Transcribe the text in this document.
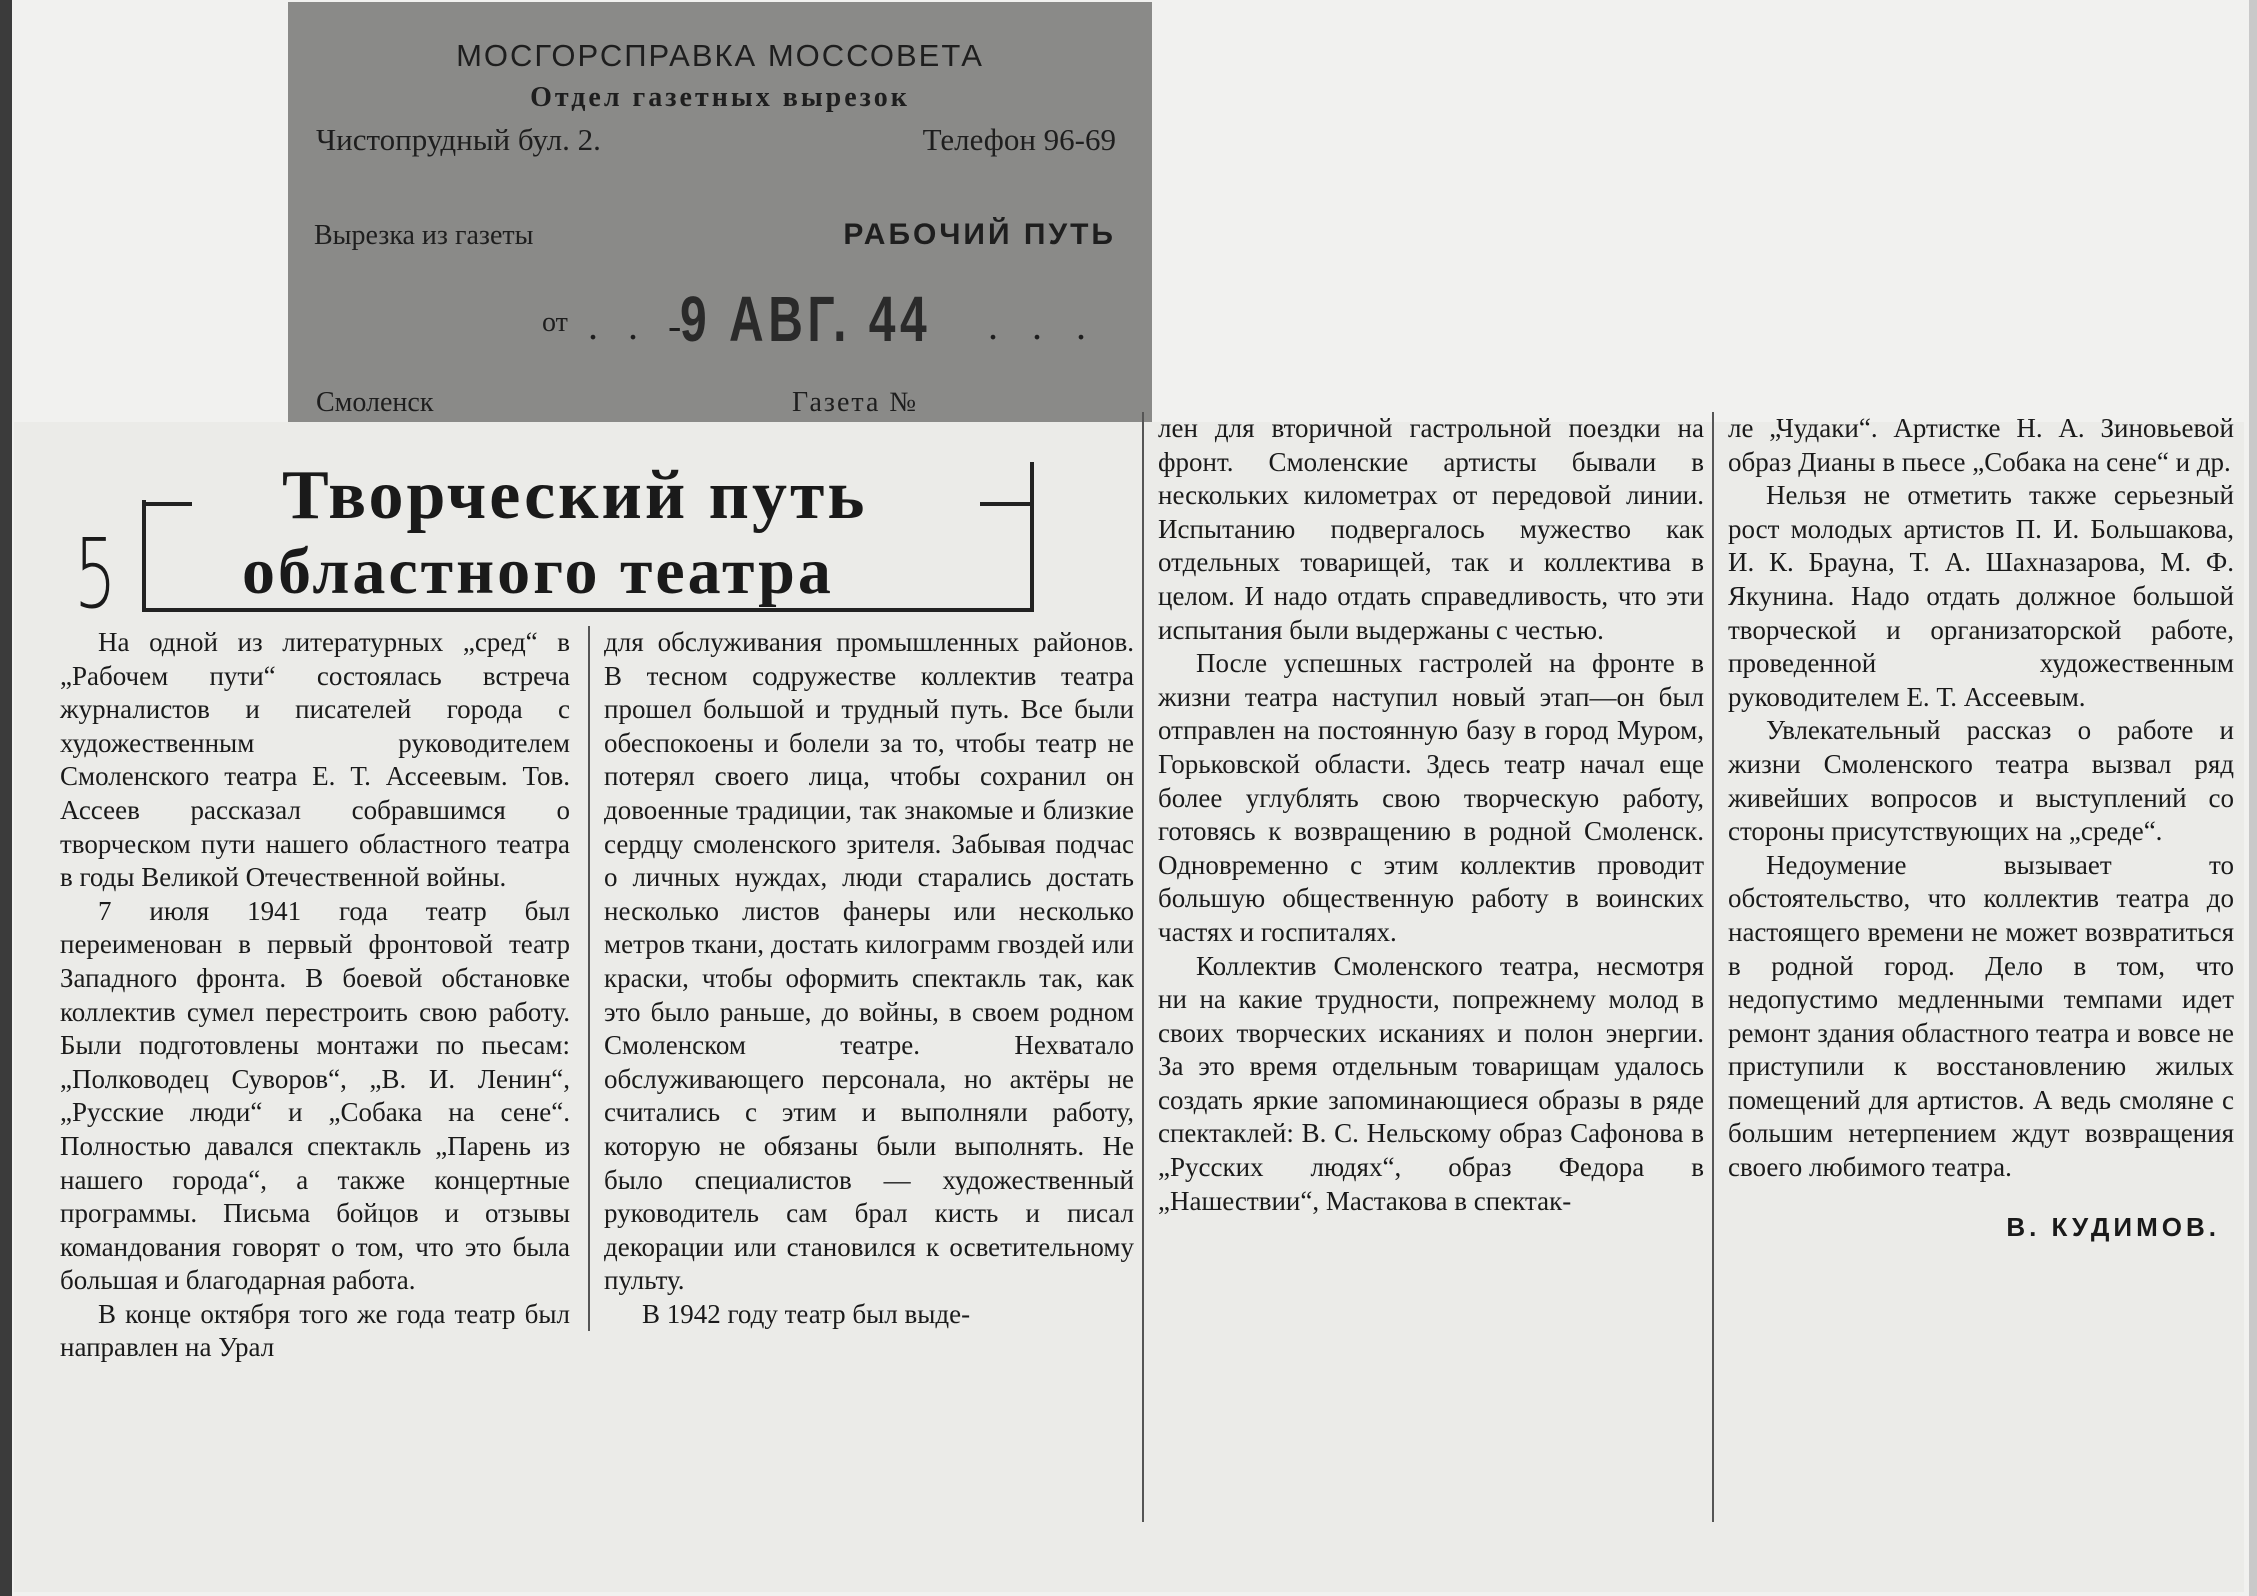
МОСГОРСПРАВКА МОССОВЕТА
Отдел газетных вырезок
Чистопрудный бул. 2.	Телефон 96-69
Вырезка из газеты	РАБОЧИЙ ПУТЬ
от . . -
9 АВГ. 44 . . .
Смоленск	Газета №
5
Творческий путь
областного театра

На одной из литературных „сред“ в „Рабочем пути“ состоялась встреча журналистов и писателей города с художественным руководителем Смоленского театра Е. Т. Ассеевым. Тов. Ассеев рассказал собравшимся о творческом пути нашего областного театра в годы Великой Отечественной войны.

7 июля 1941 года театр был переименован в первый фронтовой театр Западного фронта. В боевой обстановке коллектив сумел перестроить свою работу. Были подготовлены монтажи по пьесам: „Полководец Суворов“, „В. И. Ленин“, „Русские люди“ и „Собака на сене“. Полностью давался спектакль „Парень из нашего города“, а также концертные программы. Письма бойцов и отзывы командования говорят о том, что это была большая и благодарная работа.

В конце октября того же года театр был направлен на Урал

для обслуживания промышленных районов. В тесном содружестве коллектив театра прошел большой и трудный путь. Все были обеспокоены и болели за то, чтобы театр не потерял своего лица, чтобы сохранил он довоенные традиции, так знакомые и близкие сердцу смоленского зрителя. Забывая подчас о личных нуждах, люди старались достать несколько листов фанеры или несколько метров ткани, достать килограмм гвоздей или краски, чтобы оформить спектакль так, как это было раньше, до войны, в своем родном Смоленском театре. Нехватало обслуживающего персонала, но актёры не считались с этим и выполняли работу, которую не обязаны были выполнять. Не было специалистов — художественный руководитель сам брал кисть и писал декорации или становился к осветительному пульту.

В 1942 году театр был выде-

лен для вторичной гастрольной поездки на фронт. Смоленские артисты бывали в нескольких километрах от передовой линии. Испытанию подвергалось мужество как отдельных товарищей, так и коллектива в целом. И надо отдать справедливость, что эти испытания были выдержаны с честью.

После успешных гастролей на фронте в жизни театра наступил новый этап—он был отправлен на постоянную базу в город Муром, Горьковской области. Здесь театр начал еще более углублять свою творческую работу, готовясь к возвращению в родной Смоленск. Одновременно с этим коллектив проводит большую общественную работу в воинских частях и госпиталях.

Коллектив Смоленского театра, несмотря ни на какие трудности, попрежнему молод в своих творческих исканиях и полон энергии. За это время отдельным товарищам удалось создать яркие запоминающиеся образы в ряде спектаклей: В. С. Нельскому образ Сафонова в „Русских людях“, образ Федора в „Нашествии“, Мастакова в спектак-

ле „Чудаки“. Артистке Н. А. Зиновьевой образ Дианы в пьесе „Собака на сене“ и др.

Нельзя не отметить также серьезный рост молодых артистов П. И. Большакова, И. К. Брауна, Т. А. Шахназарова, М. Ф. Якунина. Надо отдать должное большой творческой и организаторской работе, проведенной художественным руководителем Е. Т. Ассеевым.

Увлекательный рассказ о работе и жизни Смоленского театра вызвал ряд живейших вопросов и выступлений со стороны присутствующих на „среде“.

Недоумение вызывает то обстоятельство, что коллектив театра до настоящего времени не может возвратиться в родной город. Дело в том, что недопустимо медленными темпами идет ремонт здания областного театра и вовсе не приступили к восстановлению жилых помещений для артистов. А ведь смоляне с большим нетерпением ждут возвращения своего любимого театра.

В. КУДИМОВ.
